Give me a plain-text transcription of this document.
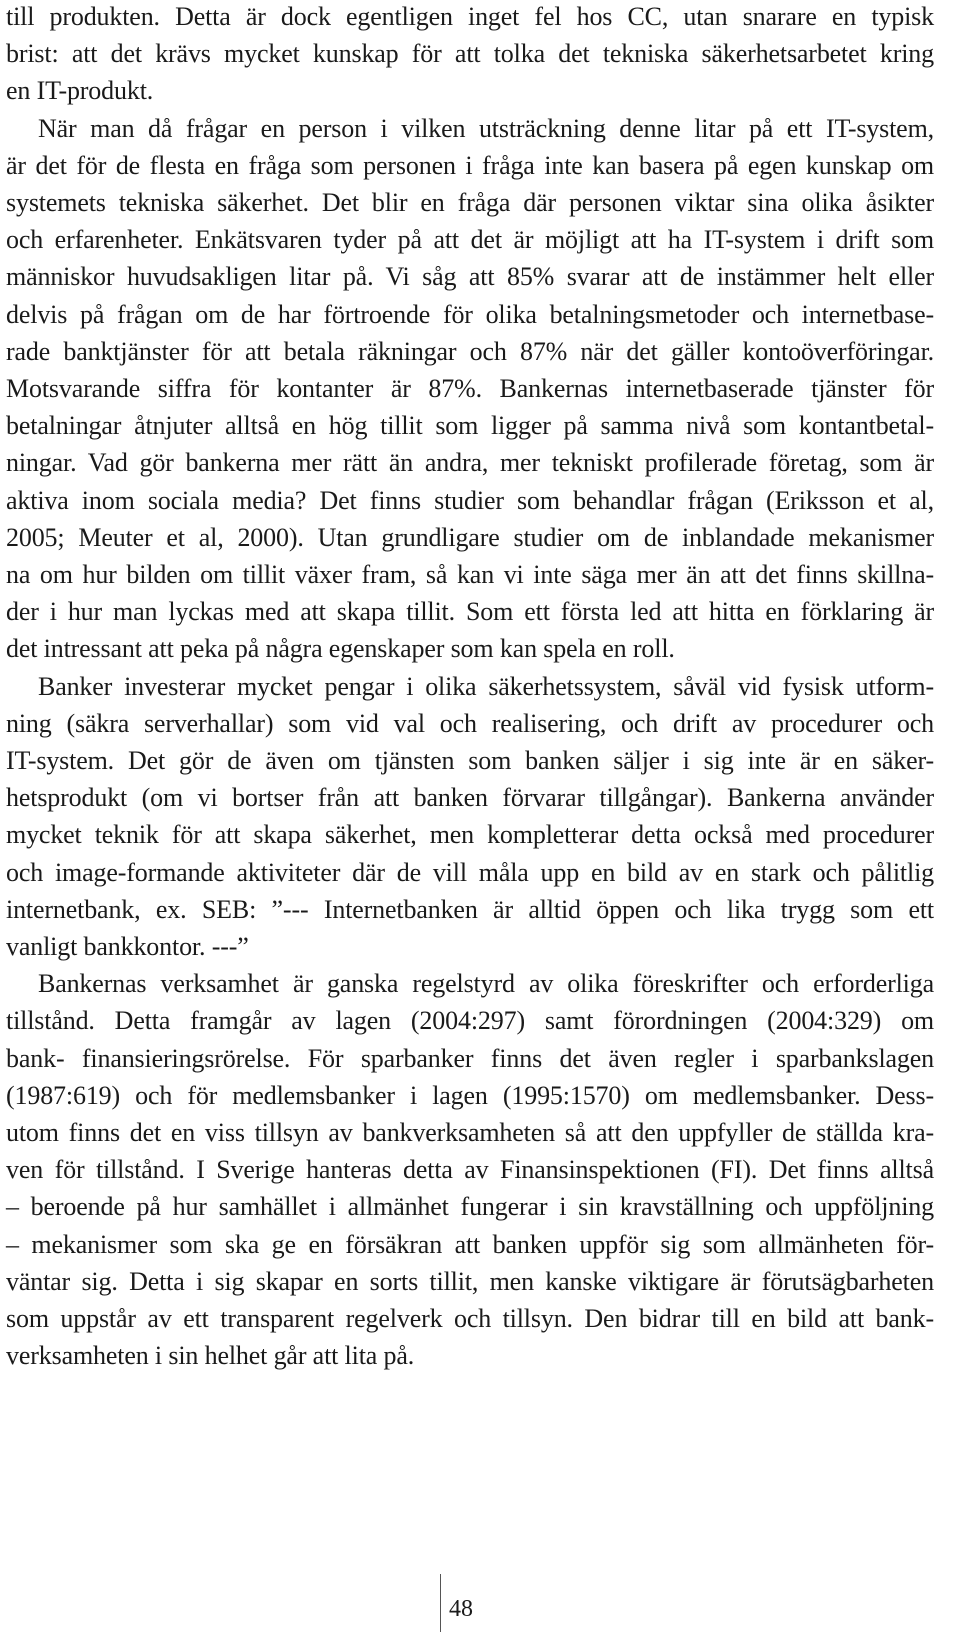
till produkten. Detta är dock egentligen inget fel hos CC, utan snarare en typisk
brist: att det krävs mycket kunskap för att tolka det tekniska säkerhetsarbetet kring
en IT-produkt.
När man då frågar en person i vilken utsträckning denne litar på ett IT-system,
är det för de flesta en fråga som personen i fråga inte kan basera på egen kunskap om
systemets tekniska säkerhet. Det blir en fråga där personen viktar sina olika åsikter
och erfarenheter. Enkätsvaren tyder på att det är möjligt att ha IT-system i drift som
människor huvudsakligen litar på. Vi såg att 85% svarar att de instämmer helt eller
delvis på frågan om de har förtroende för olika betalningsmetoder och internetbase-
rade banktjänster för att betala räkningar och 87% när det gäller kontoöverföringar.
Motsvarande siffra för kontanter är 87%. Bankernas internetbaserade tjänster för
betalningar åtnjuter alltså en hög tillit som ligger på samma nivå som kontantbetal-
ningar. Vad gör bankerna mer rätt än andra, mer tekniskt profilerade företag, som är
aktiva inom sociala media? Det finns studier som behandlar frågan (Eriksson et al,
2005; Meuter et al, 2000). Utan grundligare studier om de inblandade mekanismer
na om hur bilden om tillit växer fram, så kan vi inte säga mer än att det finns skillna-
der i hur man lyckas med att skapa tillit. Som ett första led att hitta en förklaring är
det intressant att peka på några egenskaper som kan spela en roll.
Banker investerar mycket pengar i olika säkerhetssystem, såväl vid fysisk utform-
ning (säkra serverhallar) som vid val och realisering, och drift av procedurer och
IT-system. Det gör de även om tjänsten som banken säljer i sig inte är en säker-
hetsprodukt (om vi bortser från att banken förvarar tillgångar). Bankerna använder
mycket teknik för att skapa säkerhet, men kompletterar detta också med procedurer
och image-formande aktiviteter där de vill måla upp en bild av en stark och pålitlig
internetbank, ex. SEB: ”--- Internetbanken är alltid öppen och lika trygg som ett
vanligt bankkontor. ---”
Bankernas verksamhet är ganska regelstyrd av olika föreskrifter och erforderliga
tillstånd. Detta framgår av lagen (2004:297) samt förordningen (2004:329) om
bank- finansieringsrörelse. För sparbanker finns det även regler i sparbankslagen
(1987:619) och för medlemsbanker i lagen (1995:1570) om medlemsbanker. Dess-
utom finns det en viss tillsyn av bankverksamheten så att den uppfyller de ställda kra-
ven för tillstånd. I Sverige hanteras detta av Finansinspektionen (FI). Det finns alltså
– beroende på hur samhället i allmänhet fungerar i sin kravställning och uppföljning
– mekanismer som ska ge en försäkran att banken uppför sig som allmänheten för-
väntar sig. Detta i sig skapar en sorts tillit, men kanske viktigare är förutsägbarheten
som uppstår av ett transparent regelverk och tillsyn. Den bidrar till en bild att bank-
verksamheten i sin helhet går att lita på.
48
